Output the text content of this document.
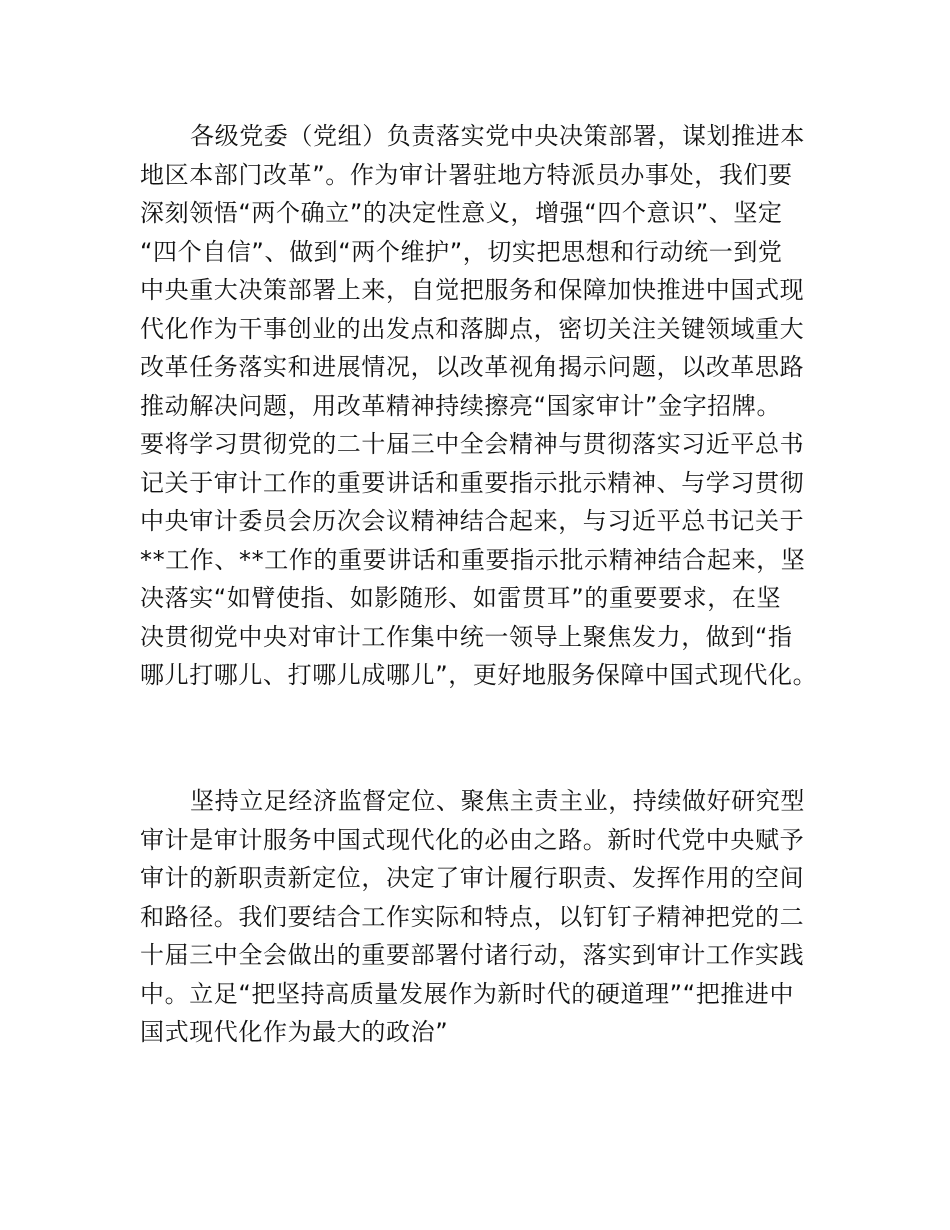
各级党委（党组）负责落实党中央决策部署，谋划推进本
地区本部门改革”。作为审计署驻地方特派员办事处，我们要
深刻领悟“两个确立”的决定性意义，增强“四个意识”、坚定
“四个自信”、做到“两个维护”，切实把思想和行动统一到党
中央重大决策部署上来，自觉把服务和保障加快推进中国式现
代化作为干事创业的出发点和落脚点，密切关注关键领域重大
改革任务落实和进展情况，以改革视角揭示问题，以改革思路
推动解决问题，用改革精神持续擦亮“国家审计”金字招牌。
要将学习贯彻党的二十届三中全会精神与贯彻落实习近平总书
记关于审计工作的重要讲话和重要指示批示精神、与学习贯彻
中央审计委员会历次会议精神结合起来，与习近平总书记关于
**工作、**工作的重要讲话和重要指示批示精神结合起来，坚
决落实“如臂使指、如影随形、如雷贯耳”的重要要求，在坚
决贯彻党中央对审计工作集中统一领导上聚焦发力，做到“指
哪儿打哪儿、打哪儿成哪儿”，更好地服务保障中国式现代化。
坚持立足经济监督定位、聚焦主责主业，持续做好研究型
审计是审计服务中国式现代化的必由之路。新时代党中央赋予
审计的新职责新定位，决定了审计履行职责、发挥作用的空间
和路径。我们要结合工作实际和特点，以钉钉子精神把党的二
十届三中全会做出的重要部署付诸行动，落实到审计工作实践
中。立足“把坚持高质量发展作为新时代的硬道理”“把推进中
国式现代化作为最大的政治”
